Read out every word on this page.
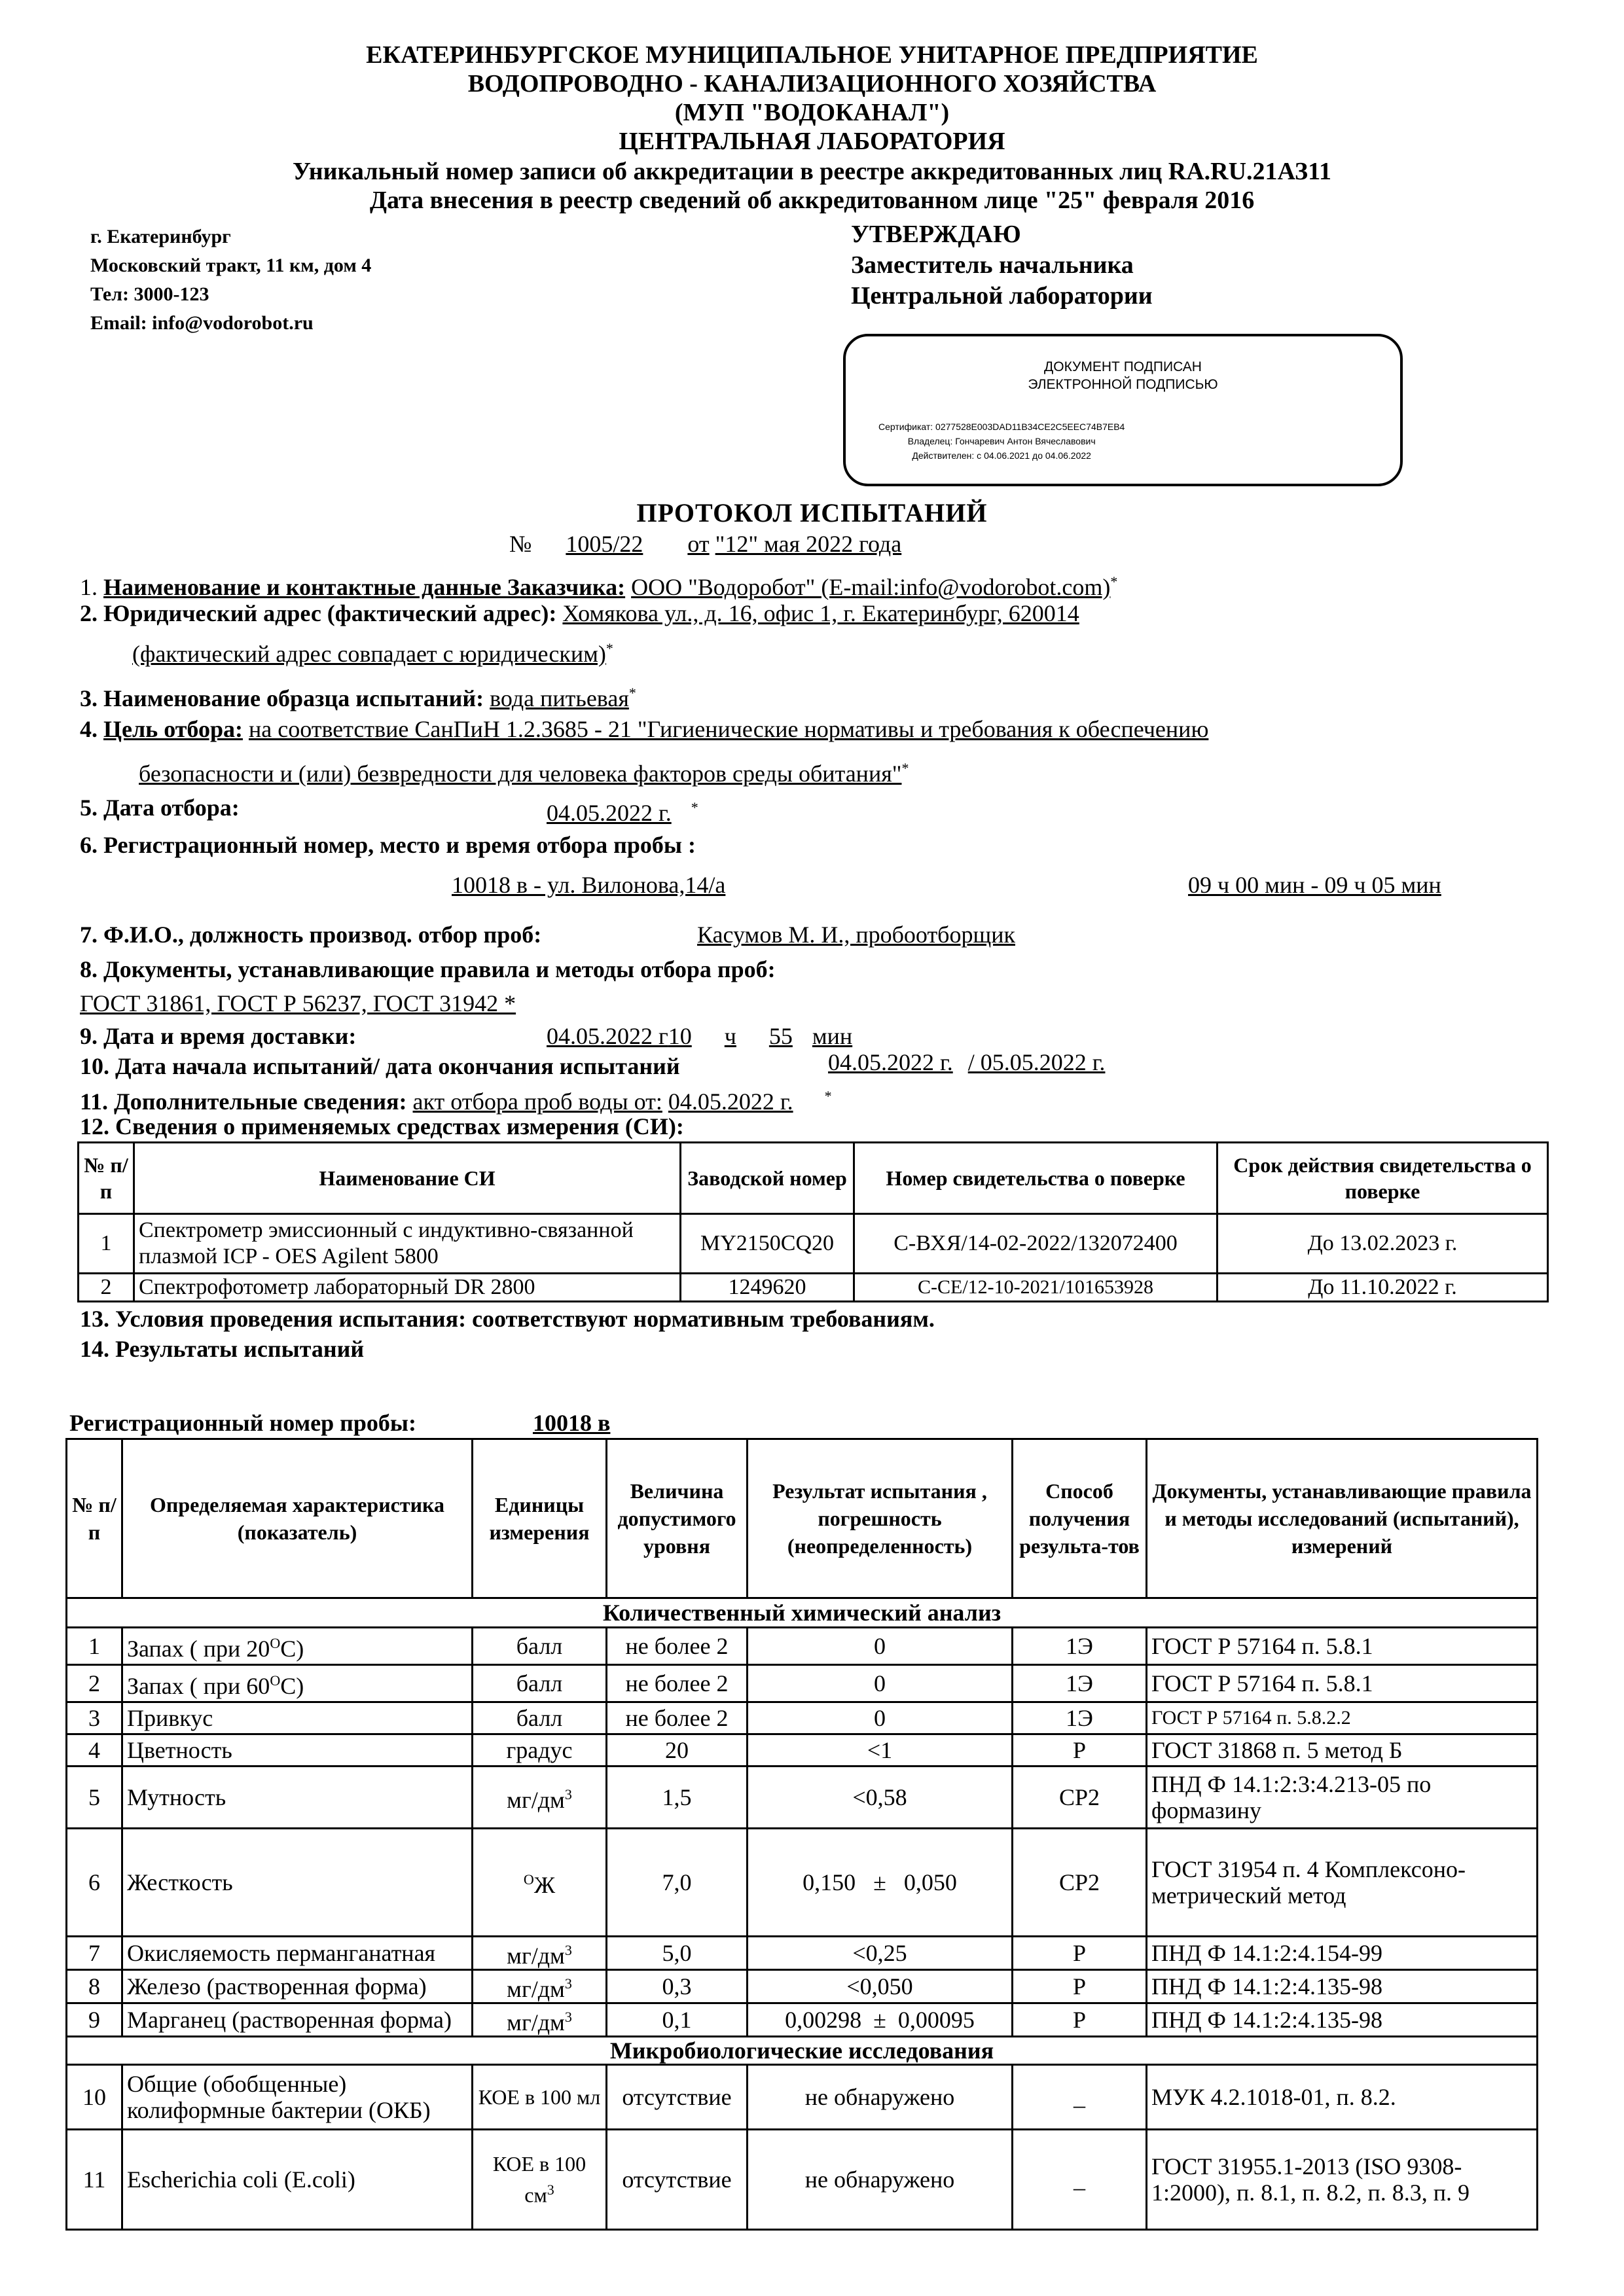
ЕКАТЕРИНБУРГСКОЕ МУНИЦИПАЛЬНОЕ УНИТАРНОЕ ПРЕДПРИЯТИЕ
ВОДОПРОВОДНО - КАНАЛИЗАЦИОННОГО ХОЗЯЙСТВА
(МУП "ВОДОКАНАЛ")
ЦЕНТРАЛЬНАЯ ЛАБОРАТОРИЯ
Уникальный номер записи об аккредитации в реестре аккредитованных лиц RA.RU.21АЗ11
Дата внесения в реестр сведений об аккредитованном лице "25" февраля 2016
г. Екатеринбург
Московский тракт, 11 км, дом 4
Тел: 3000-123
Email: info@vodorobot.ru
УТВЕРЖДАЮ
Заместитель начальника
Центральной лаборатории
ДОКУМЕНТ ПОДПИСАН
ЭЛЕКТРОННОЙ ПОДПИСЬЮ
Сертификат: 0277528E003DAD11B34CE2C5EEC74B7EB4
Владелец: Гончаревич Антон Вячеславович
Действителен: с 04.06.2021 до 04.06.2022
ПРОТОКОЛ ИСПЫТАНИЙ
№ 1005/22 от "12" мая 2022 года
1. Наименование и контактные данные Заказчика: ООО "Водоробот" (E-mail:info@vodorobot.com)*
2. Юридический адрес (фактический адрес): Хомякова ул., д. 16, офис 1, г. Екатеринбург, 620014
(фактический адрес совпадает с юридическим)*
3. Наименование образца испытаний: вода питьевая*
4. Цель отбора: на соответствие СанПиН 1.2.3685 - 21 "Гигиенические нормативы и требования к обеспечению
безопасности и (или) безвредности для человека факторов среды обитания"*
5. Дата отбора:	04.05.2022 г. *
6. Регистрационный номер, место и время отбора пробы :
10018 в - ул. Вилонова,14/а	09 ч 00 мин - 09 ч 05 мин
7. Ф.И.О., должность производ. отбор проб:	Касумов М. И., пробоотборщик
8. Документы, устанавливающие правила и методы отбора проб:
ГОСТ 31861, ГОСТ Р 56237, ГОСТ 31942 *
9. Дата и время доставки:	04.05.2022 г10 ч 55 мин
10. Дата начала испытаний/ дата окончания испытаний	04.05.2022 г. / 05.05.2022 г.
11. Дополнительные сведения: акт отбора проб воды от: 04.05.2022 г. *
12. Сведения о применяемых средствах измерения (СИ):
№ п/п	Наименование СИ	Заводской номер	Номер свидетельства о поверке	Срок действия свидетельства о поверке
1	Спектрометр эмиссионный с индуктивно-связанной плазмой ICP - OES Agilent 5800	MY2150CQ20	С-ВХЯ/14-02-2022/132072400	До 13.02.2023 г.
2	Спектрофотометр лабораторный DR 2800	1249620	С-СЕ/12-10-2021/101653928	До 11.10.2022 г.
13. Условия проведения испытания: соответствуют нормативным требованиям.
14. Результаты испытаний
Регистрационный номер пробы:	10018 в
№ п/п	Определяемая характеристика (показатель)	Единицы измерения	Величина допустимого уровня	Результат испытания , погрешность (неопределенность)	Способ получения результа-тов	Документы, устанавливающие правила и методы исследований (испытаний), измерений
Количественный химический анализ						
1	Запах ( при $20^ОС$)	балл	не более 2	0	1Э	ГОСТ Р 57164 п. 5.8.1
2	Запах ( при $60^ОС$)	балл	не более 2	0	1Э	ГОСТ Р 57164 п. 5.8.1
3	Привкус	балл	не более 2	0	1Э	ГОСТ Р 57164 п. 5.8.2.2
4	Цветность	градус	20	<1	Р	ГОСТ 31868 п. 5 метод Б
5	Мутность	$мг/дм^3$	1,5	<0,58	СР2	ПНД Ф 14.1:2:3:4.213-05 по формазину
6	Жесткость	$^О$Ж	7,0	0,150   ±   0,050	СР2	ГОСТ 31954 п. 4 Комплексоно-метрический метод
7	Окисляемость перманганатная	$мг/дм^3$	5,0	<0,25	Р	ПНД Ф 14.1:2:4.154-99
8	Железо (растворенная форма)	$мг/дм^3$	0,3	<0,050	Р	ПНД Ф 14.1:2:4.135-98
9	Марганец (растворенная форма)	$мг/дм^3$	0,1	0,00298  ±  0,00095	Р	ПНД Ф 14.1:2:4.135-98
Микробиологические исследования						
10	Общие (обобщенные) колиформные бактерии (ОКБ)	КОЕ в 100 мл	отсутствие	не обнаружено	_	МУК 4.2.1018-01, п. 8.2.
11	Escherichia coli (E.coli)	КОЕ в 100 $см^3$	отсутствие	не обнаружено	_	ГОСТ 31955.1-2013 (ISO 9308-1:2000), п. 8.1, п. 8.2, п. 8.3, п. 9
